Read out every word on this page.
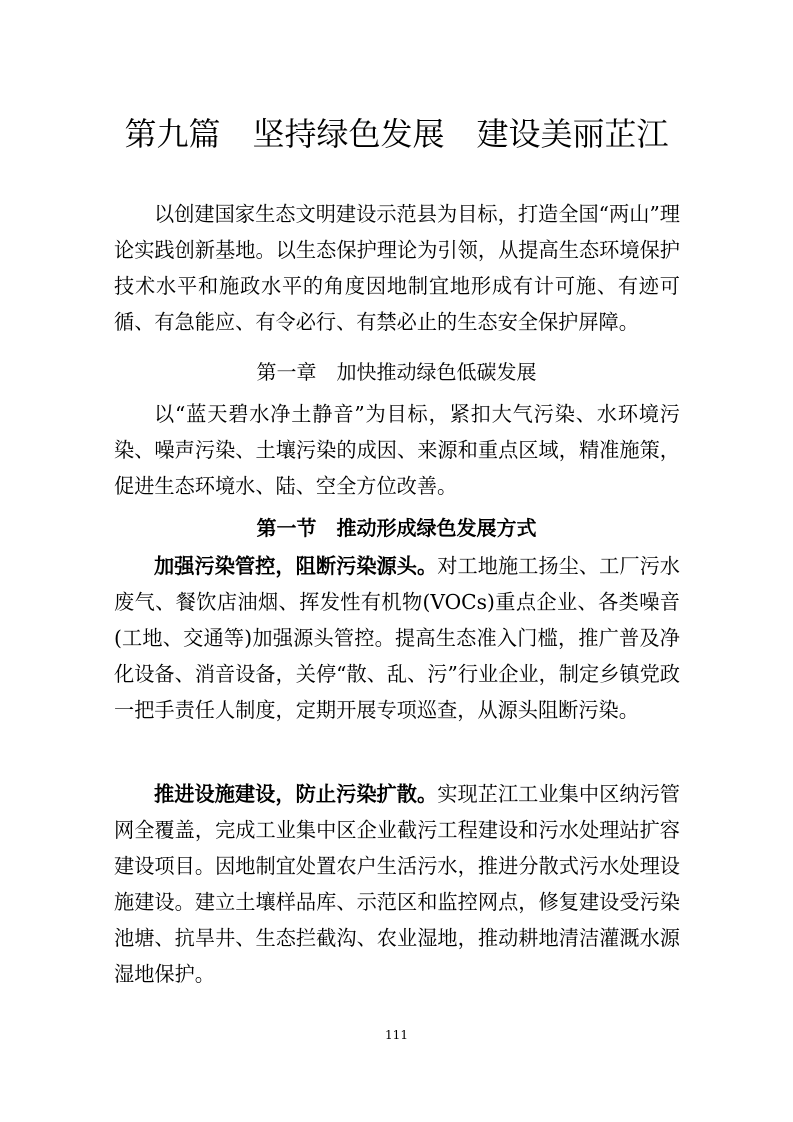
第九篇　坚持绿色发展　建设美丽芷江

以创建国家生态文明建设示范县为目标，打造全国“两山”理论实践创新基地。以生态保护理论为引领，从提高生态环境保护技术水平和施政水平的角度因地制宜地形成有计可施、有迹可循、有急能应、有令必行、有禁必止的生态安全保护屏障。

第一章　加快推动绿色低碳发展

以“蓝天碧水净土静音”为目标，紧扣大气污染、水环境污染、噪声污染、土壤污染的成因、来源和重点区域，精准施策，促进生态环境水、陆、空全方位改善。

第一节　推动形成绿色发展方式

加强污染管控，阻断污染源头。对工地施工扬尘、工厂污水废气、餐饮店油烟、挥发性有机物(VOCs)重点企业、各类噪音(工地、交通等)加强源头管控。提高生态准入门槛，推广普及净化设备、消音设备，关停“散、乱、污”行业企业，制定乡镇党政一把手责任人制度，定期开展专项巡查，从源头阻断污染。

推进设施建设，防止污染扩散。实现芷江工业集中区纳污管网全覆盖，完成工业集中区企业截污工程建设和污水处理站扩容建设项目。因地制宜处置农户生活污水，推进分散式污水处理设施建设。建立土壤样品库、示范区和监控网点，修复建设受污染池塘、抗旱井、生态拦截沟、农业湿地，推动耕地清洁灌溉水源湿地保护。

111
